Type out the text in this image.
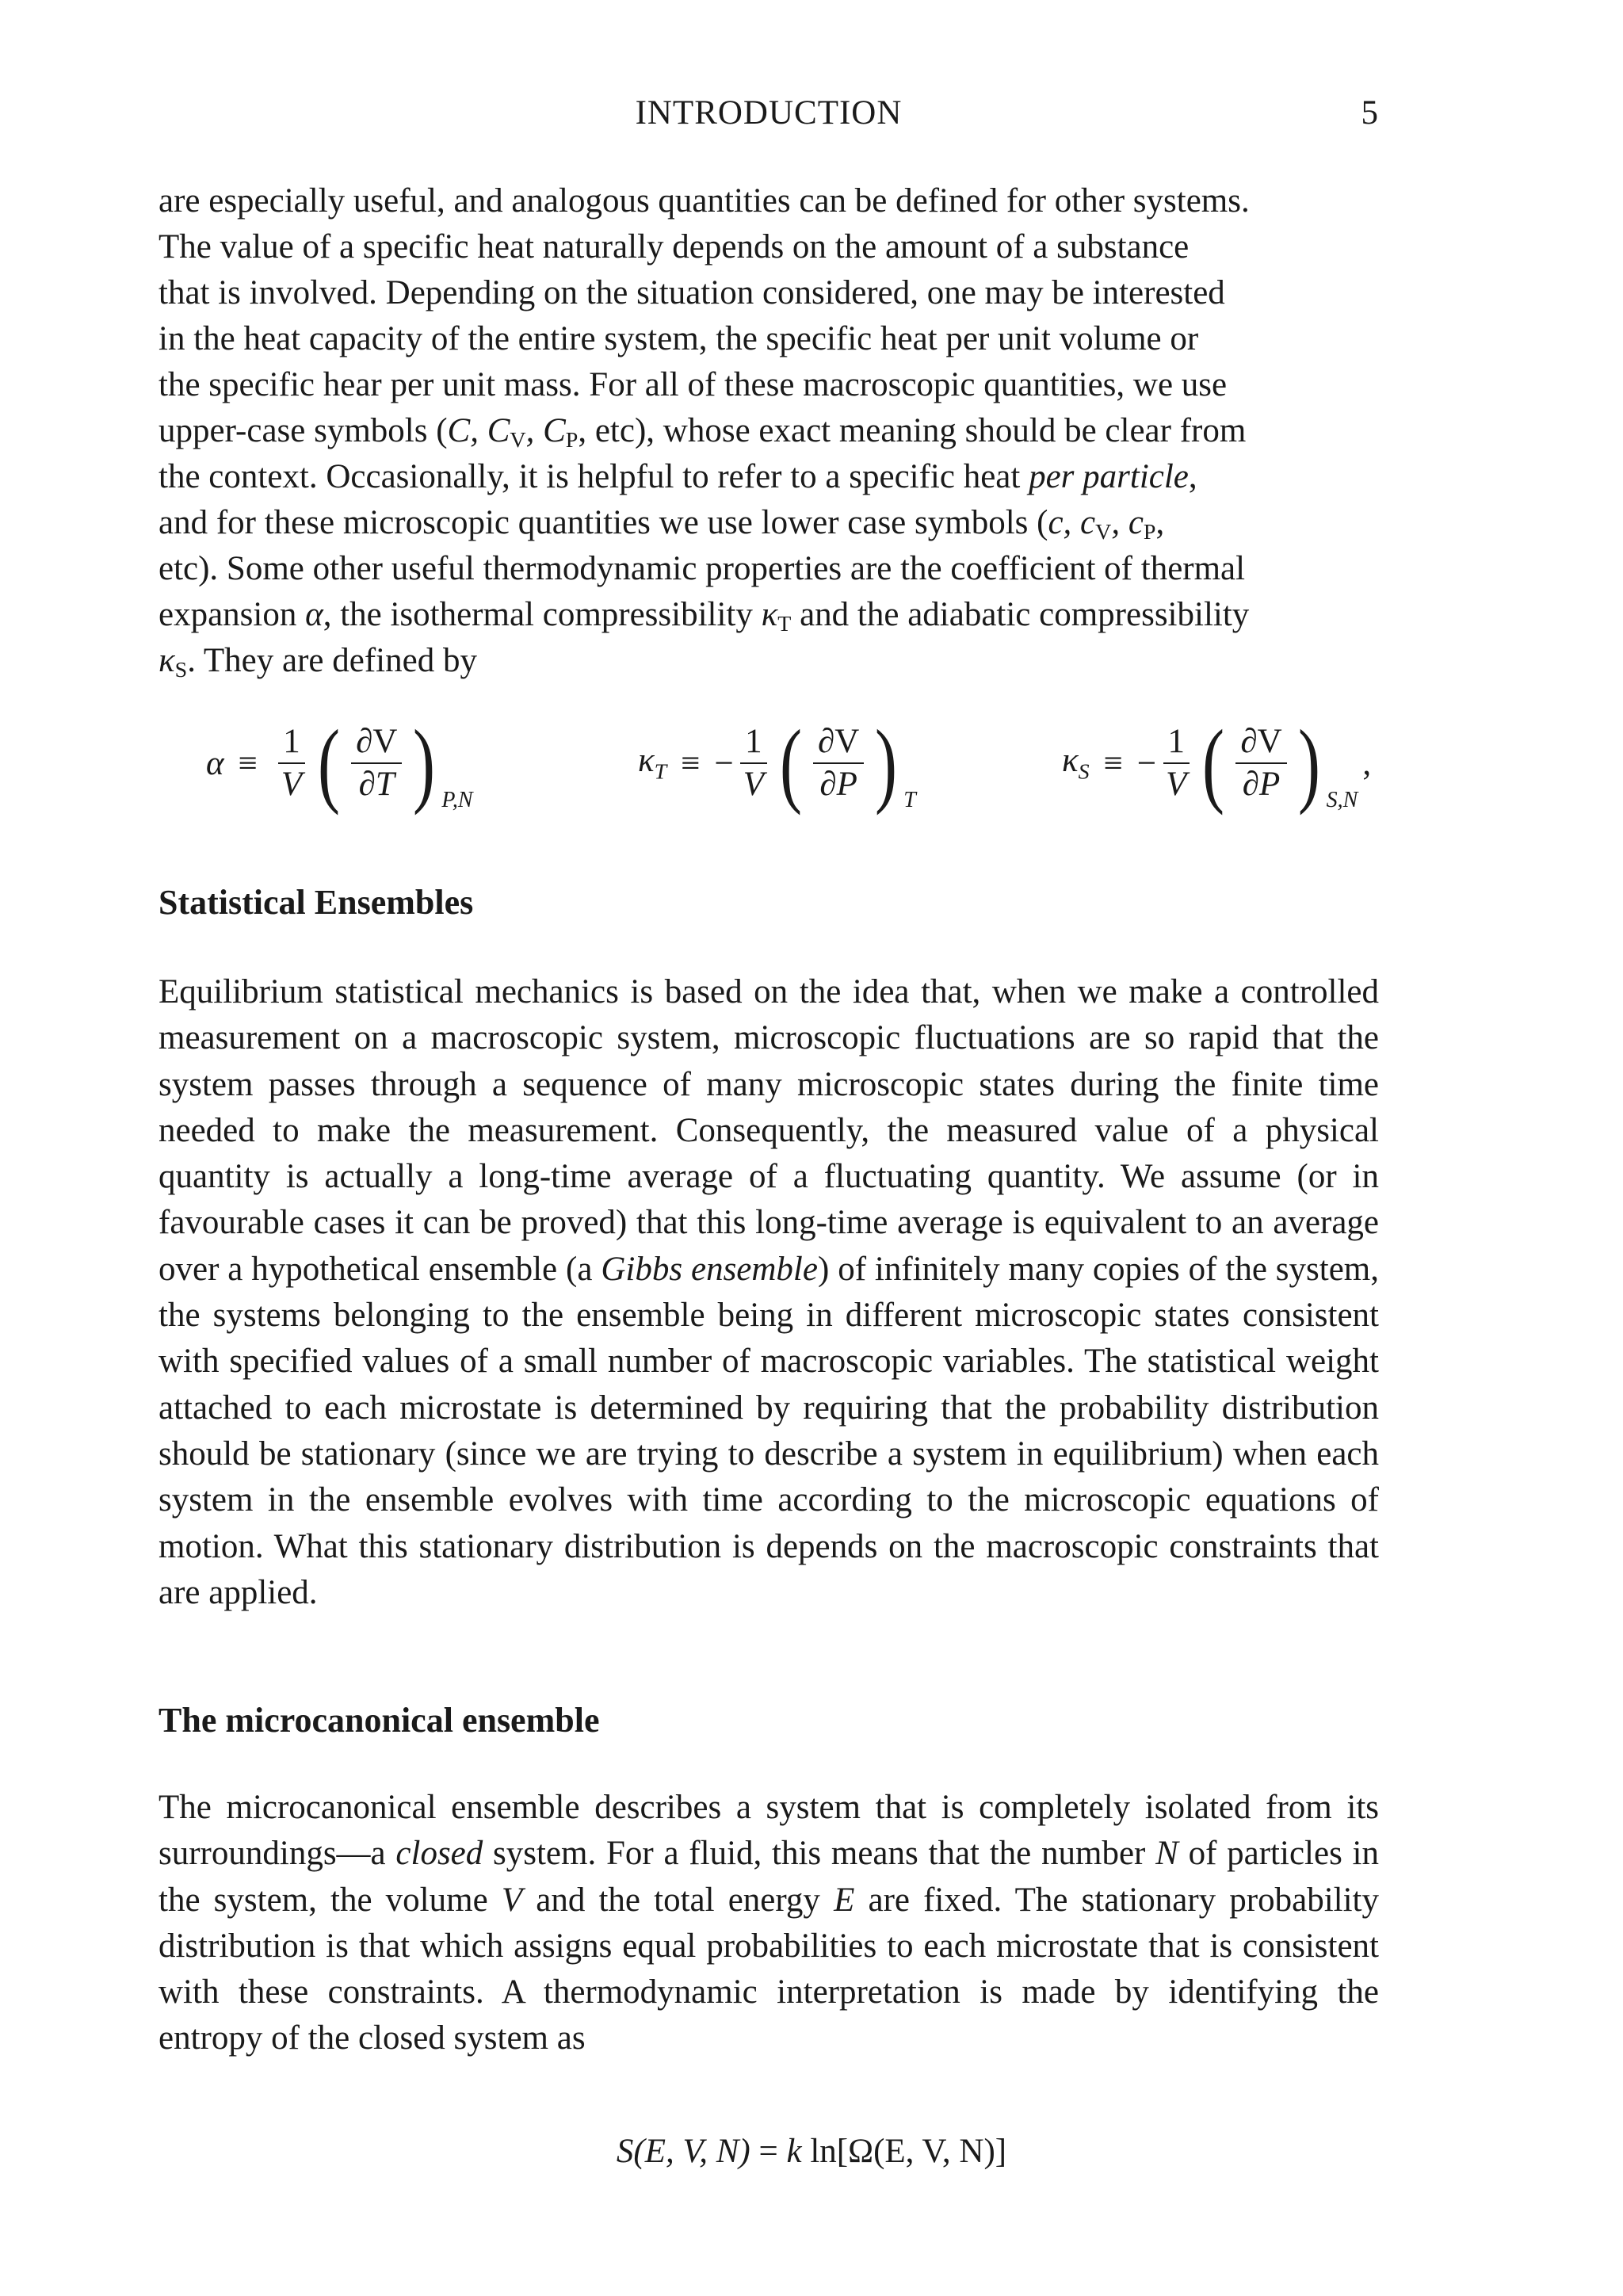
INTRODUCTION	5

are especially useful, and analogous quantities can be defined for other systems.

The value of a specific heat naturally depends on the amount of a substance

that is involved. Depending on the situation considered, one may be interested

in the heat capacity of the entire system, the specific heat per unit volume or

the specific hear per unit mass. For all of these macroscopic quantities, we use

upper-case symbols (C, $C_V$, $C_P$, etc), whose exact meaning should be clear from

the context. Occasionally, it is helpful to refer to a specific heat per particle,

and for these microscopic quantities we use lower case symbols (c, $c_V$, $c_P$,

etc). Some other useful thermodynamic properties are the coefficient of thermal

expansion α, the isothermal compressibility $\kappa_T$ and the adiabatic compressibility

$\kappa_S$. They are defined by

$\alpha \equiv \frac{1}{V}$ ( $\frac{\partial V}{\partial T}$ ) P,N
$\kappa_T$ ≡ − $\frac{1}{V}$ ( $\frac{\partial V}{\partial P}$ ) T
$\kappa_S$ ≡ − $\frac{1}{V}$ ( $\frac{\partial V}{\partial P}$ ) S,N
,
Statistical Ensembles

Equilibrium statistical mechanics is based on the idea that, when we make a controlled measurement on a macroscopic system, microscopic fluctuations are so rapid that the system passes through a sequence of many microscopic states during the finite time needed to make the measurement. Consequently, the measured value of a physical quantity is actually a long-time average of a fluctuating quantity. We assume (or in favourable cases it can be proved) that this long-time average is equivalent to an average over a hypothetical ensemble (a Gibbs ensemble) of infinitely many copies of the system, the systems belonging to the ensemble being in different microscopic states consistent with specified values of a small number of macroscopic variables. The statistical weight attached to each microstate is determined by requiring that the probability distribution should be stationary (since we are trying to describe a system in equilibrium) when each system in the ensemble evolves with time according to the microscopic equations of motion. What this stationary distribution is depends on the macroscopic constraints that are applied.

The microcanonical ensemble

The microcanonical ensemble describes a system that is completely isolated from its surroundings—a closed system. For a fluid, this means that the number N of particles in the system, the volume V and the total energy E are fixed. The stationary probability distribution is that which assigns equal probabilities to each microstate that is consistent with these constraints. A thermodynamic interpretation is made by identifying the entropy of the closed system as

S(E, V, N) = k ln[Ω(E, V, N)]
